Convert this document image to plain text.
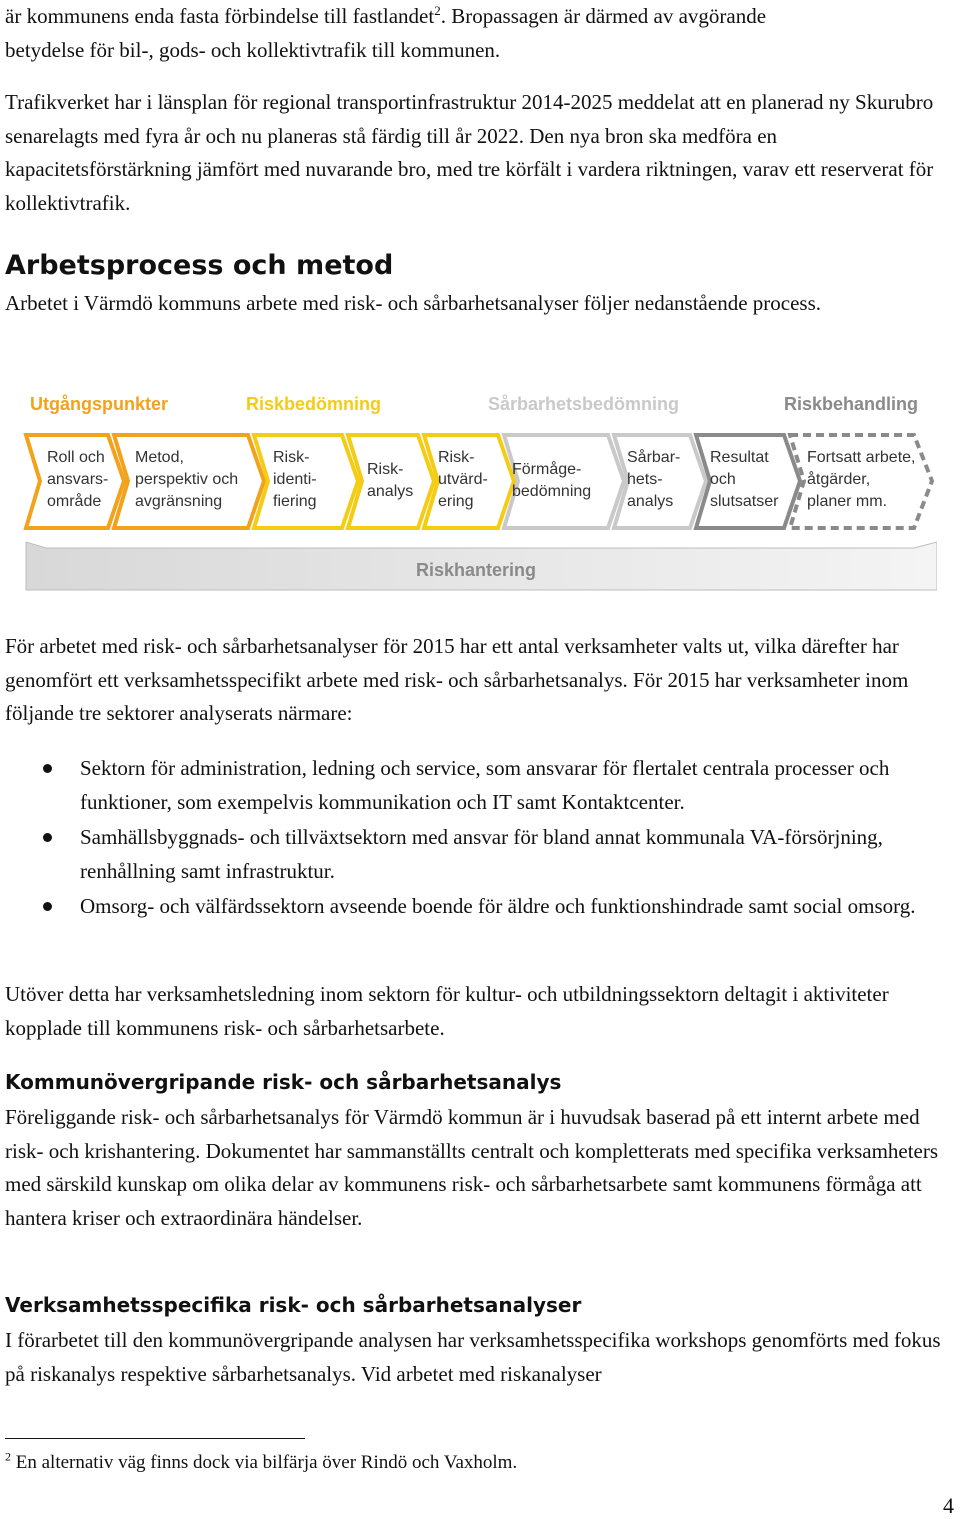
är kommunens enda fasta förbindelse till fastlandet$^2$. Bropassagen är därmed av avgörande
betydelse för bil-, gods- och kollektivtrafik till kommunen.

Trafikverket har i länsplan för regional transportinfrastruktur 2014-2025 meddelat att en planerad ny Skurubro senarelagts med fyra år och nu planeras stå färdig till år 2022. Den nya bron ska medföra en kapacitetsförstärkning jämfört med nuvarande bro, med tre körfält i vardera riktningen, varav ett reserverat för kollektivtrafik.

Arbetsprocess och metod

Arbetet i Värmdö kommuns arbete med risk- och sårbarhetsanalyser följer nedanstående process.

För arbetet med risk- och sårbarhetsanalyser för 2015 har ett antal verksamheter valts ut, vilka därefter har genomfört ett verksamhetsspecifikt arbete med risk- och sårbarhetsanalys. För 2015 har verksamheter inom följande tre sektorer analyserats närmare:

Sektorn för administration, ledning och service, som ansvarar för flertalet centrala processer och funktioner, som exempelvis kommunikation och IT samt Kontaktcenter.
Samhällsbyggnads- och tillväxtsektorn med ansvar för bland annat kommunala VA-försörjning, renhållning samt infrastruktur.
Omsorg- och välfärdssektorn avseende boende för äldre och funktionshindrade samt social omsorg.

Utöver detta har verksamhetsledning inom sektorn för kultur- och utbildningssektorn deltagit i aktiviteter kopplade till kommunens risk- och sårbarhetsarbete.

Kommunövergripande risk- och sårbarhetsanalys

Föreliggande risk- och sårbarhetsanalys för Värmdö kommun är i huvudsak baserad på ett internt arbete med risk- och krishantering. Dokumentet har sammanställts centralt och kompletterats med specifika verksamheters med särskild kunskap om olika delar av kommunens risk- och sårbarhetsarbete samt kommunens förmåga att hantera kriser och extraordinära händelser.

Verksamhetsspecifika risk- och sårbarhetsanalyser

I förarbetet till den kommunövergripande analysen har verksamhetsspecifika workshops genomförts med fokus på riskanalys respektive sårbarhetsanalys. Vid arbetet med riskanalyser

Utgångspunkter	Riskbedömning	Sårbarhetsbedömning	Riskbehandling
Roll och
ansvars-
område
Metod,
perspektiv och
avgränsning
Risk-
identi-
fiering
Risk-
analys
Risk-
utvärd-
ering
Förmåge-
bedömning
Sårbar-
hets-
analys
Resultat
och
slutsatser
Fortsatt arbete,
åtgärder,
planer mm.
Riskhantering
$^2$ En alternativ väg finns dock via bilfärja över Rindö och Vaxholm.
4
